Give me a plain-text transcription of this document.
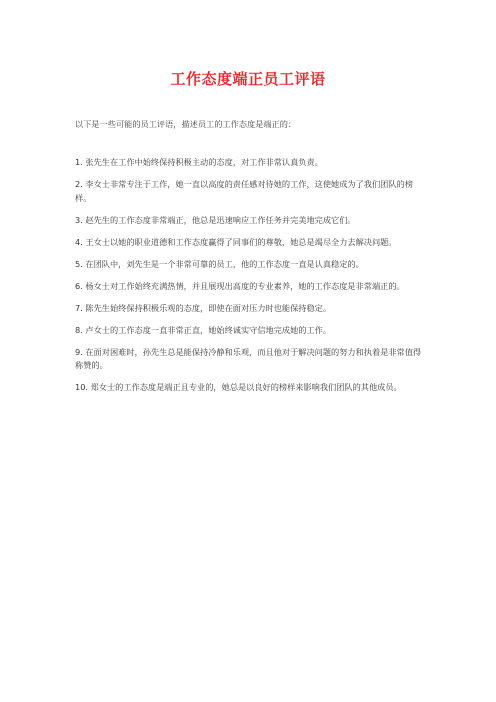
工作态度端正员工评语
以下是一些可能的员工评语，描述员工的工作态度是端正的：
1. 张先生在工作中始终保持积极主动的态度，对工作非常认真负责。
2. 李女士非常专注于工作，她一直以高度的责任感对待她的工作，这使她成为了我们团队的榜样。
3. 赵先生的工作态度非常端正，他总是迅速响应工作任务并完美地完成它们。
4. 王女士以她的职业道德和工作态度赢得了同事们的尊敬，她总是竭尽全力去解决问题。
5. 在团队中，刘先生是一个非常可靠的员工，他的工作态度一直是认真稳定的。
6. 杨女士对工作始终充满热情，并且展现出高度的专业素养，她的工作态度是非常端正的。
7. 陈先生始终保持积极乐观的态度，即使在面对压力时也能保持稳定。
8. 卢女士的工作态度一直非常正直，她始终诚实守信地完成她的工作。
9. 在面对困难时，孙先生总是能保持冷静和乐观，而且他对于解决问题的努力和执着是非常值得称赞的。
10. 郑女士的工作态度是端正且专业的，她总是以良好的榜样来影响我们团队的其他成员。
